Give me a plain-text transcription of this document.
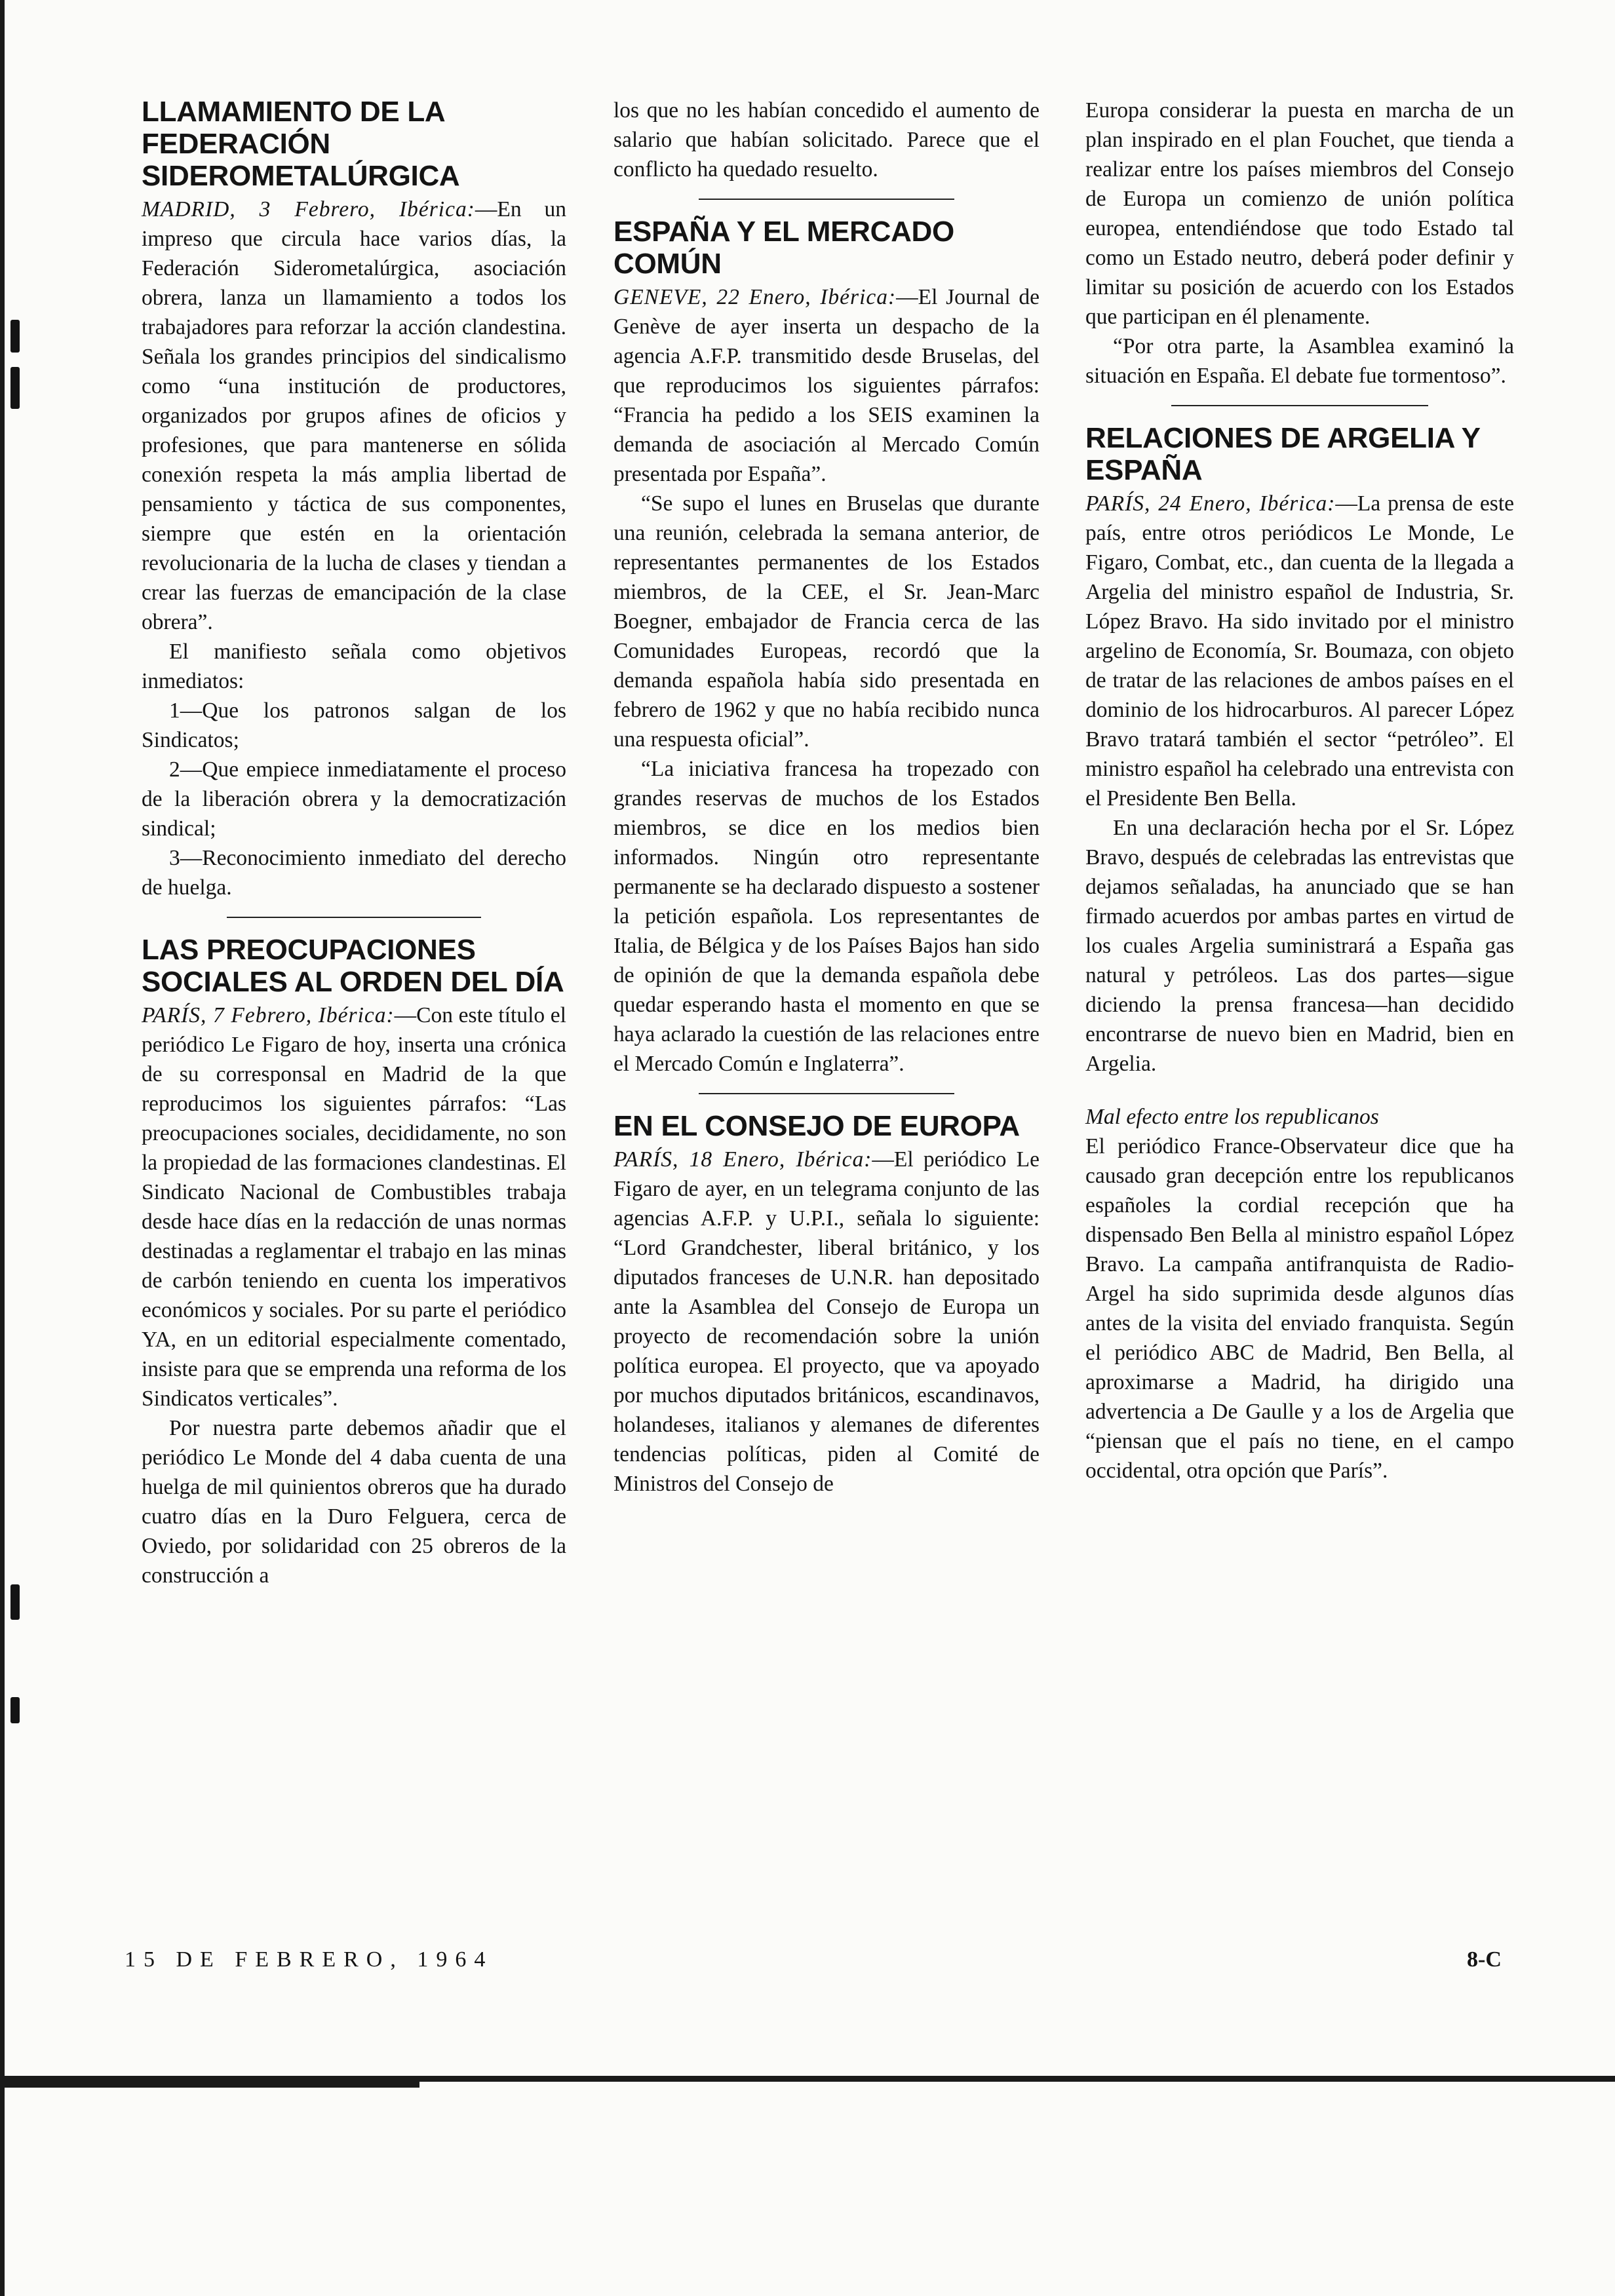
LLAMAMIENTO DE LA FEDERACIÓN SIDEROMETALÚRGICA

MADRID, 3 Febrero, Ibérica:—En un impreso que circula hace varios días, la Federación Siderometalúrgica, asociación obrera, lanza un llamamiento a todos los trabajadores para reforzar la acción clandestina. Señala los grandes principios del sindicalismo como “una institución de productores, organizados por grupos afines de oficios y profesiones, que para mantenerse en sólida conexión respeta la más amplia libertad de pensamiento y táctica de sus componentes, siempre que estén en la orientación revolucionaria de la lucha de clases y tiendan a crear las fuerzas de emancipación de la clase obrera”.

El manifiesto señala como objetivos inmediatos:

1—Que los patronos salgan de los Sindicatos;

2—Que empiece inmediatamente el proceso de la liberación obrera y la democratización sindical;

3—Reconocimiento inmediato del derecho de huelga.

LAS PREOCUPACIONES SOCIALES AL ORDEN DEL DÍA

PARÍS, 7 Febrero, Ibérica:—Con este título el periódico Le Figaro de hoy, inserta una crónica de su corresponsal en Madrid de la que reproducimos los siguientes párrafos: “Las preocupaciones sociales, decididamente, no son la propiedad de las formaciones clandestinas. El Sindicato Nacional de Combustibles trabaja desde hace días en la redacción de unas normas destinadas a reglamentar el trabajo en las minas de carbón teniendo en cuenta los imperativos económicos y sociales. Por su parte el periódico YA, en un editorial especialmente comentado, insiste para que se emprenda una reforma de los Sindicatos verticales”.

Por nuestra parte debemos añadir que el periódico Le Monde del 4 daba cuenta de una huelga de mil quinientos obreros que ha durado cuatro días en la Duro Felguera, cerca de Oviedo, por solidaridad con 25 obreros de la construcción a

los que no les habían concedido el aumento de salario que habían solicitado. Parece que el conflicto ha quedado resuelto.

ESPAÑA Y EL MERCADO COMÚN

GENEVE, 22 Enero, Ibérica:—El Journal de Genève de ayer inserta un despacho de la agencia A.F.P. transmitido desde Bruselas, del que reproducimos los siguientes párrafos: “Francia ha pedido a los SEIS examinen la demanda de asociación al Mercado Común presentada por España”.

“Se supo el lunes en Bruselas que durante una reunión, celebrada la semana anterior, de representantes permanentes de los Estados miembros, de la CEE, el Sr. Jean-Marc Boegner, embajador de Francia cerca de las Comunidades Europeas, recordó que la demanda española había sido presentada en febrero de 1962 y que no había recibido nunca una respuesta oficial”.

“La iniciativa francesa ha tropezado con grandes reservas de muchos de los Estados miembros, se dice en los medios bien informados. Ningún otro representante permanente se ha declarado dispuesto a sostener la petición española. Los representantes de Italia, de Bélgica y de los Países Bajos han sido de opinión de que la demanda española debe quedar esperando hasta el momento en que se haya aclarado la cuestión de las relaciones entre el Mercado Común e Inglaterra”.

EN EL CONSEJO DE EUROPA

PARÍS, 18 Enero, Ibérica:—El periódico Le Figaro de ayer, en un telegrama conjunto de las agencias A.F.P. y U.P.I., señala lo siguiente: “Lord Grandchester, liberal británico, y los diputados franceses de U.N.R. han depositado ante la Asamblea del Consejo de Europa un proyecto de recomendación sobre la unión política europea. El proyecto, que va apoyado por muchos diputados británicos, escandinavos, holandeses, italianos y alemanes de diferentes tendencias políticas, piden al Comité de Ministros del Consejo de

Europa considerar la puesta en marcha de un plan inspirado en el plan Fouchet, que tienda a realizar entre los países miembros del Consejo de Europa un comienzo de unión política europea, entendiéndose que todo Estado tal como un Estado neutro, deberá poder definir y limitar su posición de acuerdo con los Estados que participan en él plenamente.

“Por otra parte, la Asamblea examinó la situación en España. El debate fue tormentoso”.

RELACIONES DE ARGELIA Y ESPAÑA

PARÍS, 24 Enero, Ibérica:—La prensa de este país, entre otros periódicos Le Monde, Le Figaro, Combat, etc., dan cuenta de la llegada a Argelia del ministro español de Industria, Sr. López Bravo. Ha sido invitado por el ministro argelino de Economía, Sr. Boumaza, con objeto de tratar de las relaciones de ambos países en el dominio de los hidrocarburos. Al parecer López Bravo tratará también el sector “petróleo”. El ministro español ha celebrado una entrevista con el Presidente Ben Bella.

En una declaración hecha por el Sr. López Bravo, después de celebradas las entrevistas que dejamos señaladas, ha anunciado que se han firmado acuerdos por ambas partes en virtud de los cuales Argelia suministrará a España gas natural y petróleos. Las dos partes—sigue diciendo la prensa francesa—han decidido encontrarse de nuevo bien en Madrid, bien en Argelia.

Mal efecto entre los republicanos

El periódico France-Observateur dice que ha causado gran decepción entre los republicanos españoles la cordial recepción que ha dispensado Ben Bella al ministro español López Bravo. La campaña antifranquista de Radio-Argel ha sido suprimida desde algunos días antes de la visita del enviado franquista. Según el periódico ABC de Madrid, Ben Bella, al aproximarse a Madrid, ha dirigido una advertencia a De Gaulle y a los de Argelia que “piensan que el país no tiene, en el campo occidental, otra opción que París”.

15 DE FEBRERO, 1964	8-C
